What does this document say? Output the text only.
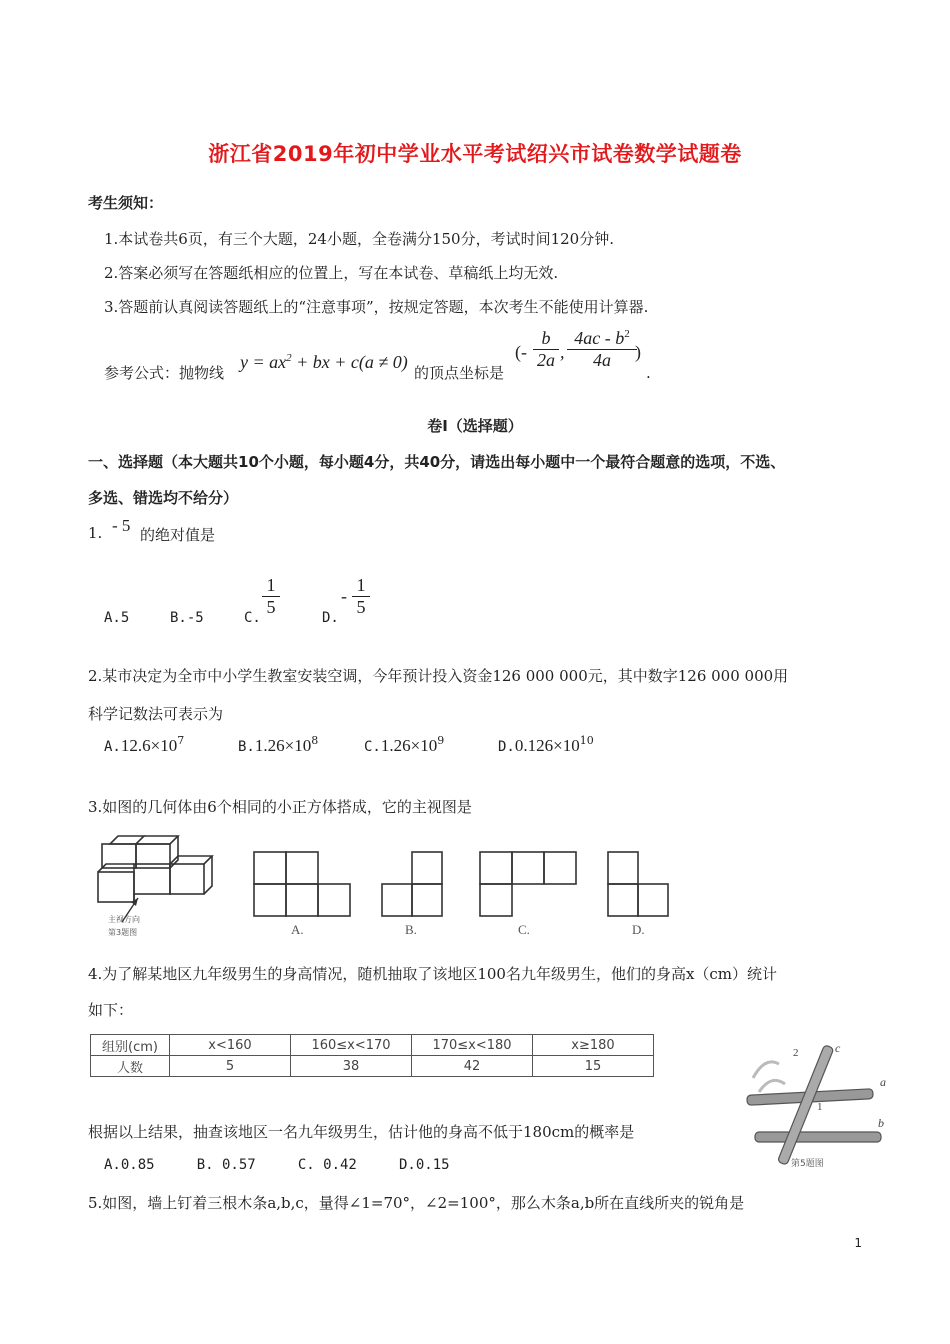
浙江省2019年初中学业水平考试绍兴市试卷数学试题卷
考生须知：
1.本试卷共6页，有三个大题，24小题，全卷满分150分，考试时间120分钟.
2.答案必须写在答题纸相应的位置上，写在本试卷、草稿纸上均无效.
3.答题前认真阅读答题纸上的“注意事项”，按规定答题，本次考生不能使用计算器.
参考公式：抛物线
$y = ax^2$ + bx + c(a ≠ 0)
的顶点坐标是
(-
b
2a ,
$4ac - b^2$
4a	)
.
卷Ⅰ（选择题）
一、选择题（本大题共10个小题，每小题4分，共40分，请选出每小题中一个最符合题意的选项，不选、
多选、错选均不给分）
1. - 5 的绝对值是
A.5	B.-5	C.
1
5
D.
-
1
5
2.某市决定为全市中小学生教室安装空调，今年预计投入资金126 000 000元，其中数字126 000 000用
科学记数法可表示为
$A.12.6\times 10^7$	$B.1.26\times 10^8$	$C.1.26\times 10^9$	$D.0.126\times 10^{10}$
3.如图的几何体由6个相同的小正方体搭成，它的主视图是
主视方向
第3题图	A.	B.	C.	D.
4.为了解某地区九年级男生的身高情况，随机抽取了该地区100名九年级男生，他们的身高x（cm）统计
如下：
组别(cm)	x<160	160≤x<170	170≤x<180	x≥180
人数	5	38	42	15
根据以上结果，抽查该地区一名九年级男生，估计他的身高不低于180cm的概率是
A.0.85     B. 0.57     C. 0.42     D.0.15
a
b
c
1
2
第5题图
5.如图，墙上钉着三根木条a,b,c，量得∠1=70°，∠2=100°，那么木条a,b所在直线所夹的锐角是
1
